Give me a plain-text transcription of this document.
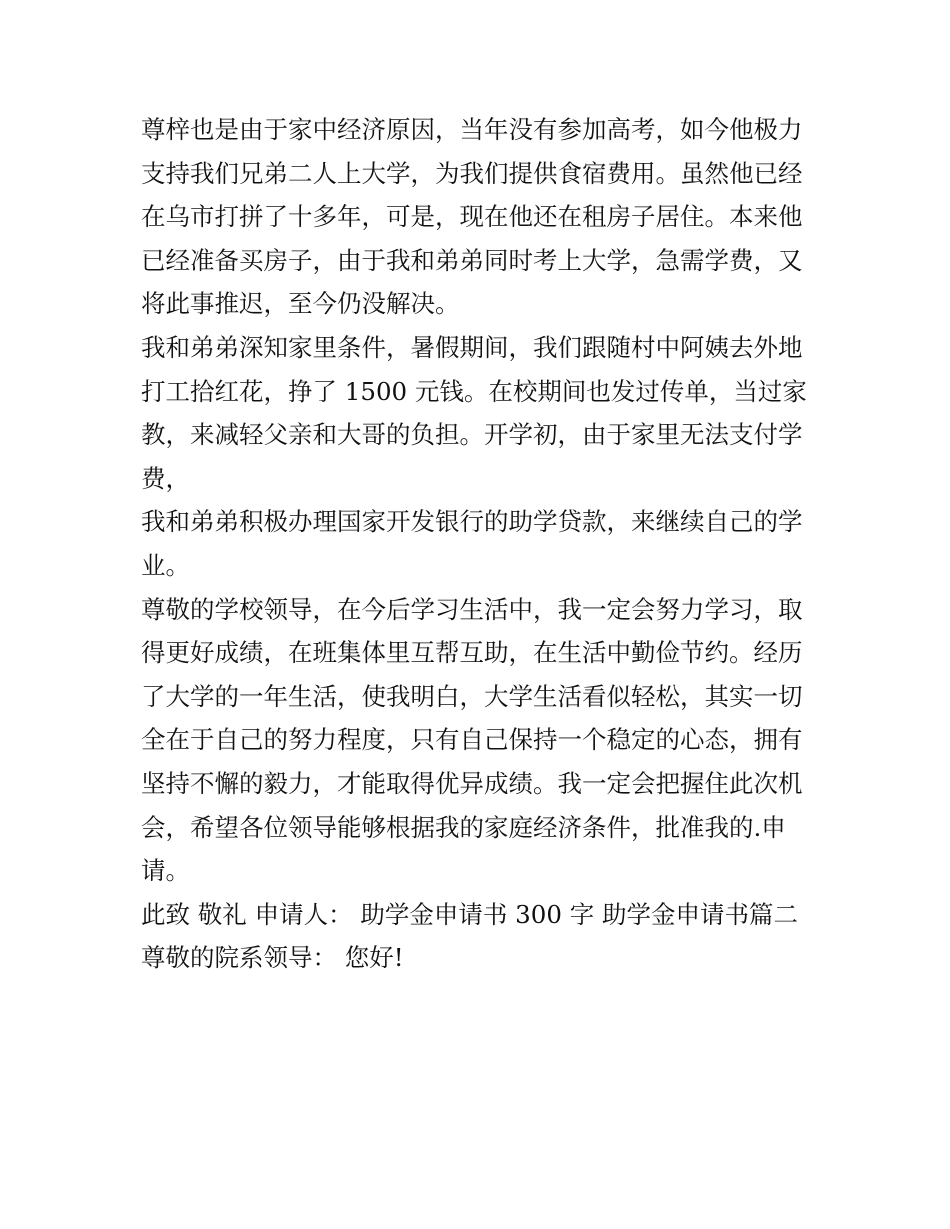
尊梓也是由于家中经济原因，当年没有参加高考，如今他极力
支持我们兄弟二人上大学，为我们提供食宿费用。虽然他已经
在乌市打拼了十多年，可是，现在他还在租房子居住。本来他
已经准备买房子，由于我和弟弟同时考上大学，急需学费，又
将此事推迟，至今仍没解决。
我和弟弟深知家里条件，暑假期间，我们跟随村中阿姨去外地
打工拾红花，挣了 1500 元钱。在校期间也发过传单，当过家
教，来减轻父亲和大哥的负担。开学初，由于家里无法支付学
费，
我和弟弟积极办理国家开发银行的助学贷款，来继续自己的学
业。
尊敬的学校领导，在今后学习生活中，我一定会努力学习，取
得更好成绩，在班集体里互帮互助，在生活中勤俭节约。经历
了大学的一年生活，使我明白，大学生活看似轻松，其实一切
全在于自己的努力程度，只有自己保持一个稳定的心态，拥有
坚持不懈的毅力，才能取得优异成绩。我一定会把握住此次机
会，希望各位领导能够根据我的家庭经济条件，批准我的.申
请。
此致 敬礼 申请人： 助学金申请书 300 字 助学金申请书篇二
尊敬的院系领导： 您好!
